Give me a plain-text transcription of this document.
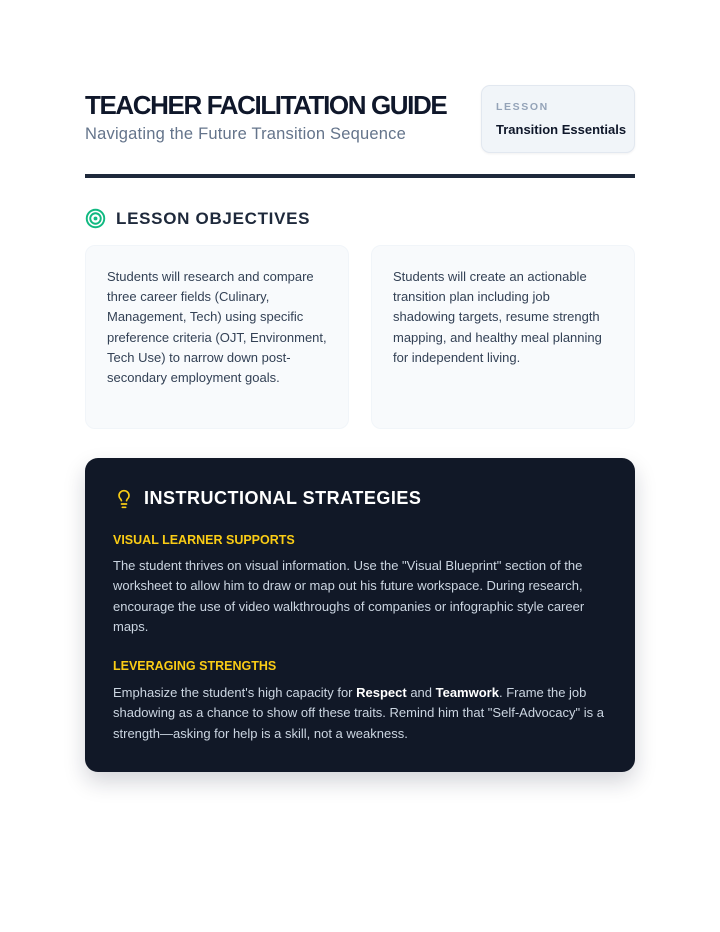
TEACHER FACILITATION GUIDE

Navigating the Future Transition Sequence

LESSON
Transition Essentials
LESSON OBJECTIVES

Students will research and compare three career fields (Culinary, Management, Tech) using specific preference criteria (OJT, Environment, Tech Use) to narrow down post-secondary employment goals.

Students will create an actionable transition plan including job shadowing targets, resume strength mapping, and healthy meal planning for independent living.

INSTRUCTIONAL STRATEGIES
VISUAL LEARNER SUPPORTS

The student thrives on visual information. Use the "Visual Blueprint" section of the worksheet to allow him to draw or map out his future workspace. During research, encourage the use of video walkthroughs of companies or infographic style career maps.

LEVERAGING STRENGTHS

Emphasize the student's high capacity for Respect and Teamwork. Frame the job shadowing as a chance to show off these traits. Remind him that "Self-Advocacy" is a strength—asking for help is a skill, not a weakness.
